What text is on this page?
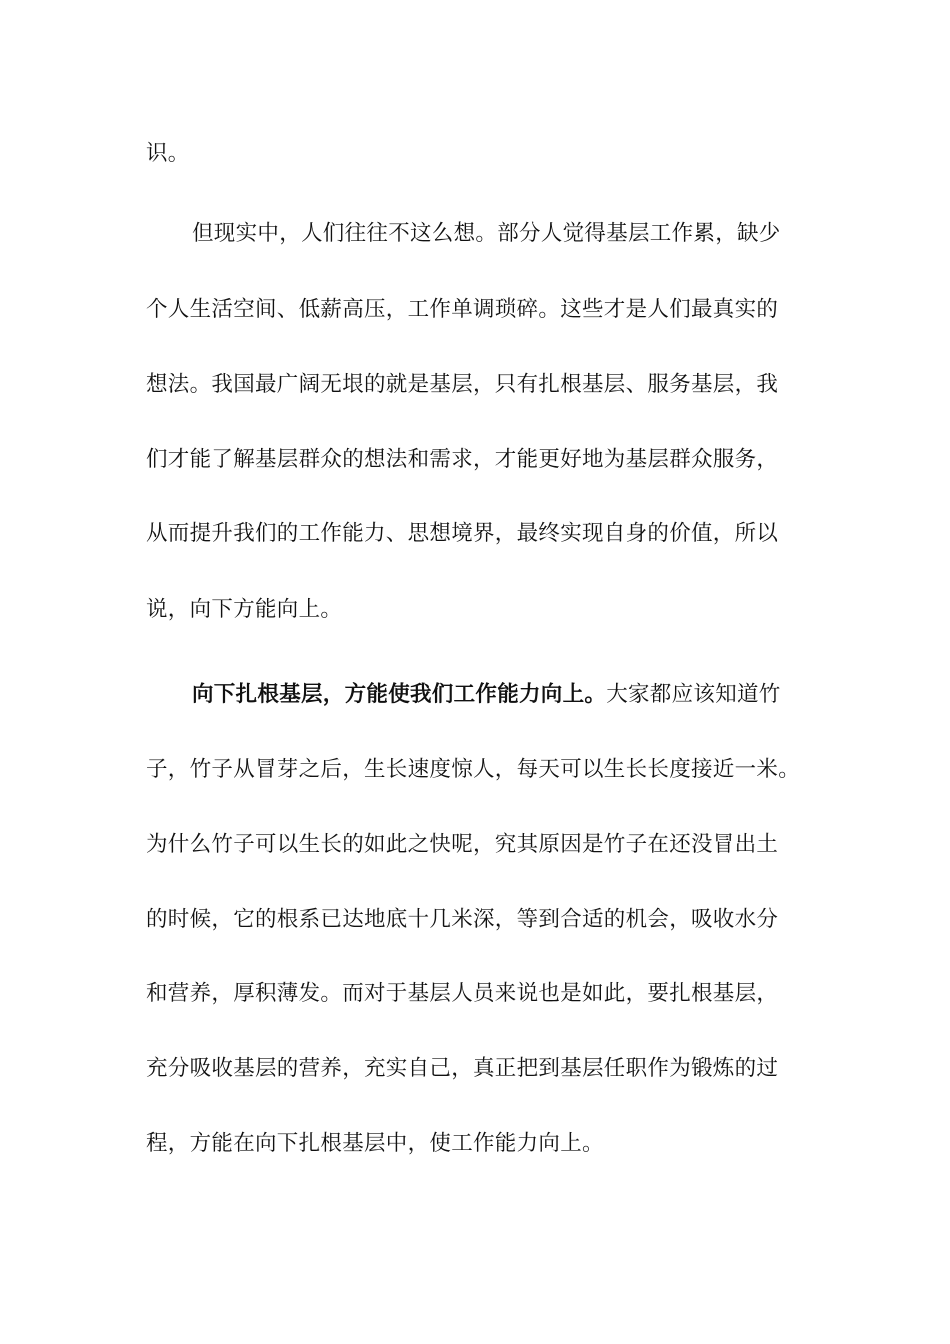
识。
但现实中，人们往往不这么想。部分人觉得基层工作累，缺少
个人生活空间、低薪高压，工作单调琐碎。这些才是人们最真实的
想法。我国最广阔无垠的就是基层，只有扎根基层、服务基层，我
们才能了解基层群众的想法和需求，才能更好地为基层群众服务，
从而提升我们的工作能力、思想境界，最终实现自身的价值，所以
说，向下方能向上。
向下扎根基层，方能使我们工作能力向上。大家都应该知道竹
子，竹子从冒芽之后，生长速度惊人，每天可以生长长度接近一米。
为什么竹子可以生长的如此之快呢，究其原因是竹子在还没冒出土
的时候，它的根系已达地底十几米深，等到合适的机会，吸收水分
和营养，厚积薄发。而对于基层人员来说也是如此，要扎根基层，
充分吸收基层的营养，充实自己，真正把到基层任职作为锻炼的过
程，方能在向下扎根基层中，使工作能力向上。
